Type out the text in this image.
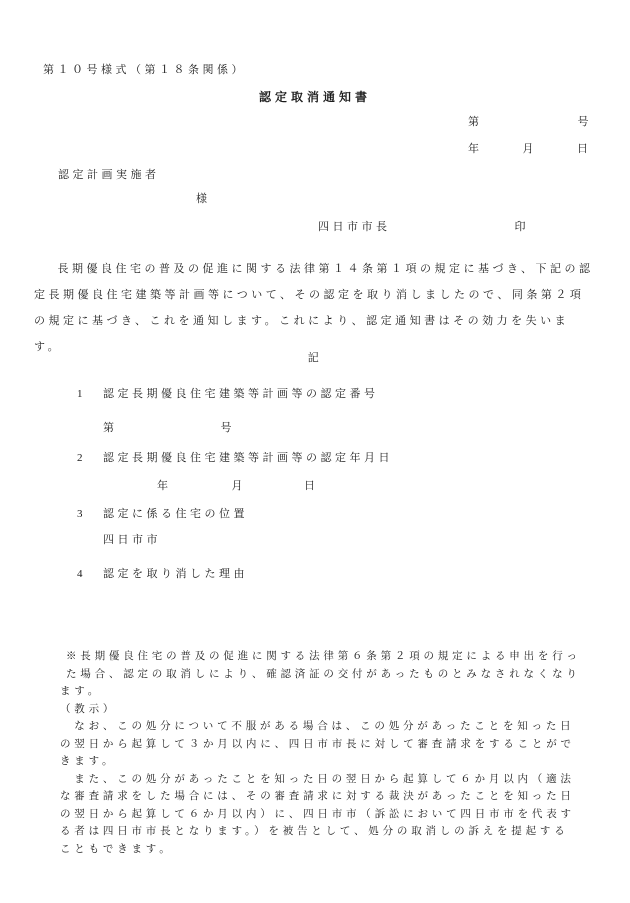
第１０号様式（第１８条関係）
認定取消通知書
第	号
年	月	日
認定計画実施者
様
四日市市長	印
　長期優良住宅の普及の促進に関する法律第１４条第１項の規定に基づき、下記の認定長期優良住宅建築等計画等について、その認定を取り消しましたので、同条第２項の規定に基づき、これを通知します。これにより、認定通知書はその効力を失います。
記
1 認定長期優良住宅建築等計画等の認定番号
第	号
2 認定長期優良住宅建築等計画等の認定年月日
年	月	日
3 認定に係る住宅の位置
四日市市
4 認定を取り消した理由
※長期優良住宅の普及の促進に関する法律第６条第２項の規定による申出を行っ
た場合、認定の取消しにより、確認済証の交付があったものとみなされなくなり
ます。
（教示）
　なお、この処分について不服がある場合は、この処分があったことを知った日
の翌日から起算して３か月以内に、四日市市長に対して審査請求をすることがで
きます。
　また、この処分があったことを知った日の翌日から起算して６か月以内（適法
な審査請求をした場合には、その審査請求に対する裁決があったことを知った日
の翌日から起算して６か月以内）に、四日市市（訴訟において四日市市を代表す
る者は四日市市長となります。）を被告として、処分の取消しの訴えを提起する
こともできます。
